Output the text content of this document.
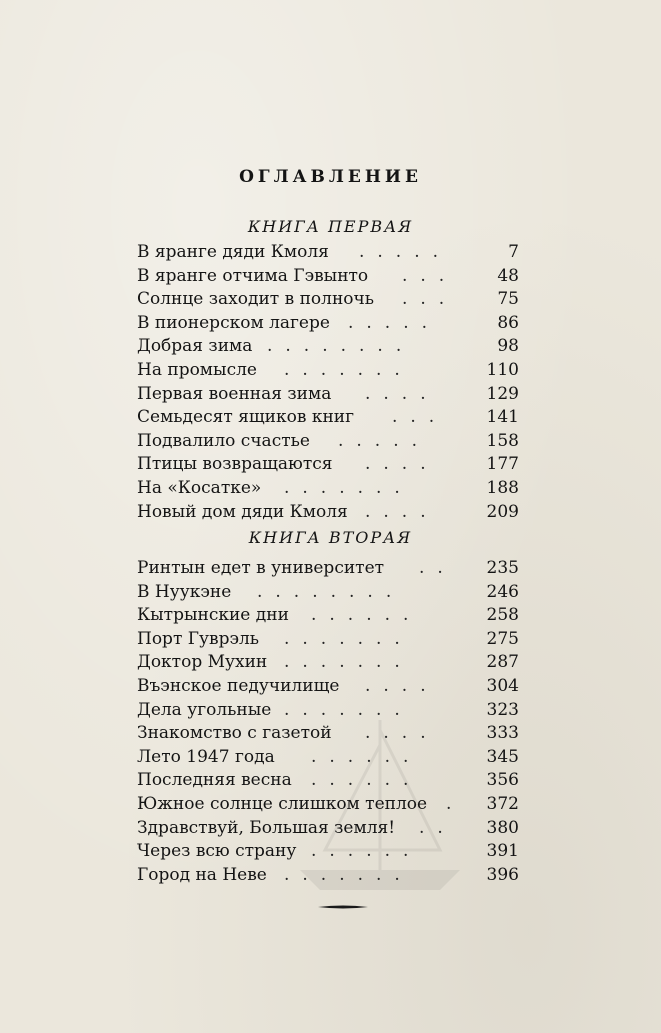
ОГЛАВЛЕНИЕ
КНИГА ПЕРВАЯ
В яранге дяди Кмоля .....	7
В яранге отчима Гэвынто ... 48
Солнце заходит в полночь ... 75
В пионерском лагере .....	86
Добрая зима ........	98
На промысле .......	110
Первая военная зима ....	129
Семьдесят ящиков книг ... 141
Подвалило счастье .....	158
Птицы возвращаются ....	177
На «Косатке» .......	188
Новый дом дяди Кмоля ....	209
КНИГА ВТОРАЯ
Ринтын едет в университет .. 235
В Нуукэне ........	246
Кытрынские дни ......	258
Порт Гуврэль .......	275
Доктор Мухин .......	287
Въэнское педучилище ....	304
Дела угольные .......	323
Знакомство с газетой ....	333
Лето 1947 года ......	345
Последняя весна ......	356
Южное солнце слишком теплое . 372
Здравствуй, Большая земля! .. 380
Через всю страну ......	391
Город на Неве .......	396
